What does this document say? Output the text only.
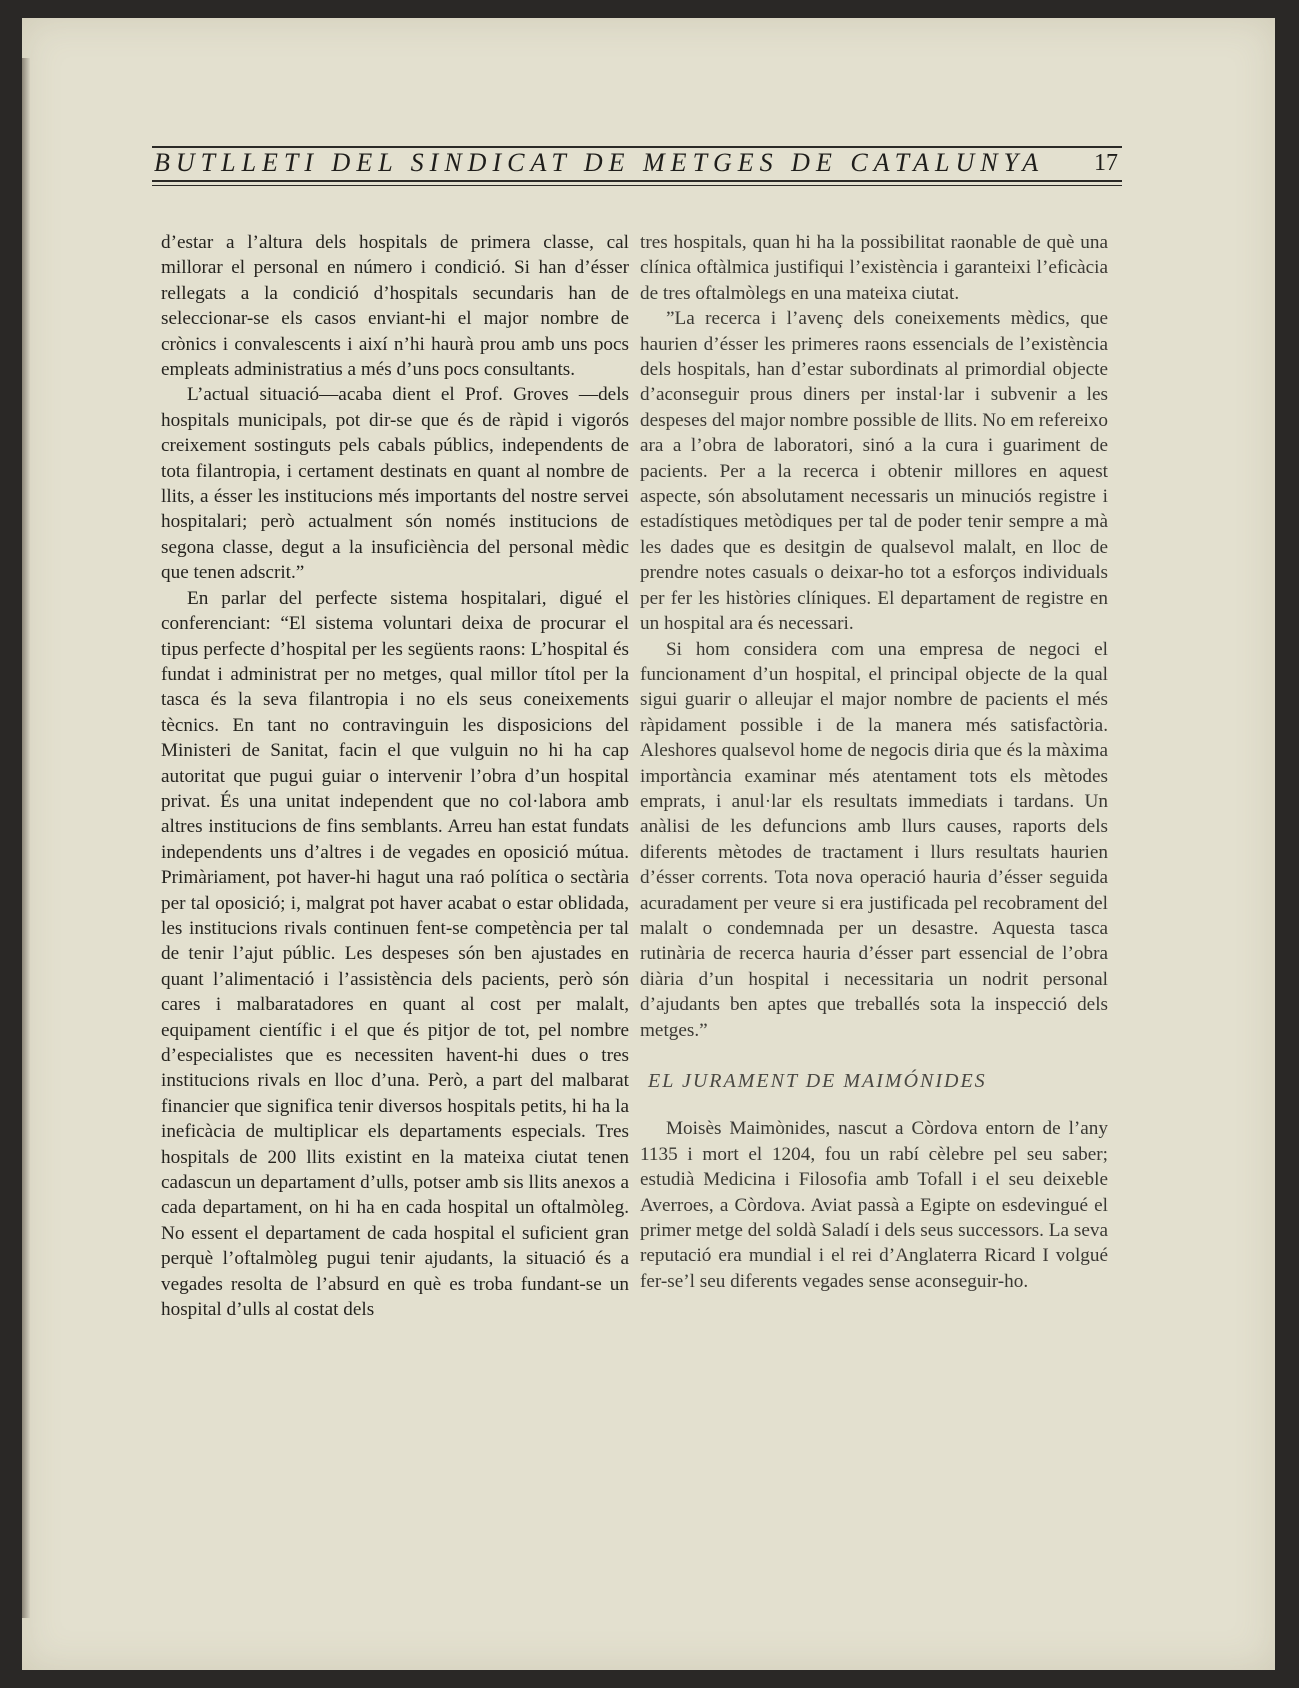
BUTLLETI DEL SINDICAT DE METGES DE CATALUNYA	17

d’estar a l’altura dels hospitals de primera classe, cal millorar el personal en número i condició. Si han d’ésser rellegats a la condició d’hospitals secundaris han de seleccionar-se els casos enviant-hi el major nombre de crònics i convalescents i així n’hi haurà prou amb uns pocs empleats administratius a més d’uns pocs consultants.

L’actual situació—acaba dient el Prof. Groves —dels hospitals municipals, pot dir-se que és de ràpid i vigorós creixement sostinguts pels cabals públics, independents de tota filantropia, i certament destinats en quant al nombre de llits, a ésser les institucions més importants del nostre servei hospitalari; però actualment són només institucions de segona classe, degut a la insuficiència del personal mèdic que tenen adscrit.”

En parlar del perfecte sistema hospitalari, digué el conferenciant: “El sistema voluntari deixa de procurar el tipus perfecte d’hospital per les següents raons: L’hospital és fundat i administrat per no metges, qual millor títol per la tasca és la seva filantropia i no els seus coneixements tècnics. En tant no contravinguin les disposicions del Ministeri de Sanitat, facin el que vulguin no hi ha cap autoritat que pugui guiar o intervenir l’obra d’un hospital privat. És una unitat independent que no col·labora amb altres institucions de fins semblants. Arreu han estat fundats independents uns d’altres i de vegades en oposició mútua. Primàriament, pot haver-hi hagut una raó política o sectària per tal oposició; i, malgrat pot haver acabat o estar oblidada, les institucions rivals continuen fent-se competència per tal de tenir l’ajut públic. Les despeses són ben ajustades en quant l’alimentació i l’assistència dels pacients, però són cares i malbaratadores en quant al cost per malalt, equipament científic i el que és pitjor de tot, pel nombre d’especialistes que es necessiten havent-hi dues o tres institucions rivals en lloc d’una. Però, a part del malbarat financier que significa tenir diversos hospitals petits, hi ha la ineficàcia de multiplicar els departaments especials. Tres hospitals de 200 llits existint en la mateixa ciutat tenen cadascun un departament d’ulls, potser amb sis llits anexos a cada departament, on hi ha en cada hospital un oftalmòleg. No essent el departament de cada hospital el suficient gran perquè l’oftalmòleg pugui tenir ajudants, la situació és a vegades resolta de l’absurd en què es troba fundant-se un hospital d’ulls al costat dels

tres hospitals, quan hi ha la possibilitat raonable de què una clínica oftàlmica justifiqui l’existència i garanteixi l’eficàcia de tres oftalmòlegs en una mateixa ciutat.

”La recerca i l’avenç dels coneixements mèdics, que haurien d’ésser les primeres raons essencials de l’existència dels hospitals, han d’estar subordinats al primordial objecte d’aconseguir prous diners per instal·lar i subvenir a les despeses del major nombre possible de llits. No em refereixo ara a l’obra de laboratori, sinó a la cura i guariment de pacients. Per a la recerca i obtenir millores en aquest aspecte, són absolutament necessaris un minuciós registre i estadístiques metòdiques per tal de poder tenir sempre a mà les dades que es desitgin de qualsevol malalt, en lloc de prendre notes casuals o deixar-ho tot a esforços individuals per fer les històries clíniques. El departament de registre en un hospital ara és necessari.

Si hom considera com una empresa de negoci el funcionament d’un hospital, el principal objecte de la qual sigui guarir o alleujar el major nombre de pacients el més ràpidament possible i de la manera més satisfactòria. Aleshores qualsevol home de negocis diria que és la màxima importància examinar més atentament tots els mètodes emprats, i anul·lar els resultats immediats i tardans. Un anàlisi de les defuncions amb llurs causes, raports dels diferents mètodes de tractament i llurs resultats haurien d’ésser corrents. Tota nova operació hauria d’ésser seguida acuradament per veure si era justificada pel recobrament del malalt o condemnada per un desastre. Aquesta tasca rutinària de recerca hauria d’ésser part essencial de l’obra diària d’un hospital i necessitaria un nodrit personal d’ajudants ben aptes que treballés sota la inspecció dels metges.”

EL JURAMENT DE MAIMÓNIDES

Moisès Maimònides, nascut a Còrdova entorn de l’any 1135 i mort el 1204, fou un rabí cèlebre pel seu saber; estudià Medicina i Filosofia amb Tofall i el seu deixeble Averroes, a Còrdova. Aviat passà a Egipte on esdevingué el primer metge del soldà Saladí i dels seus successors. La seva reputació era mundial i el rei d’Anglaterra Ricard I volgué fer-se’l seu diferents vegades sense aconseguir-ho.
